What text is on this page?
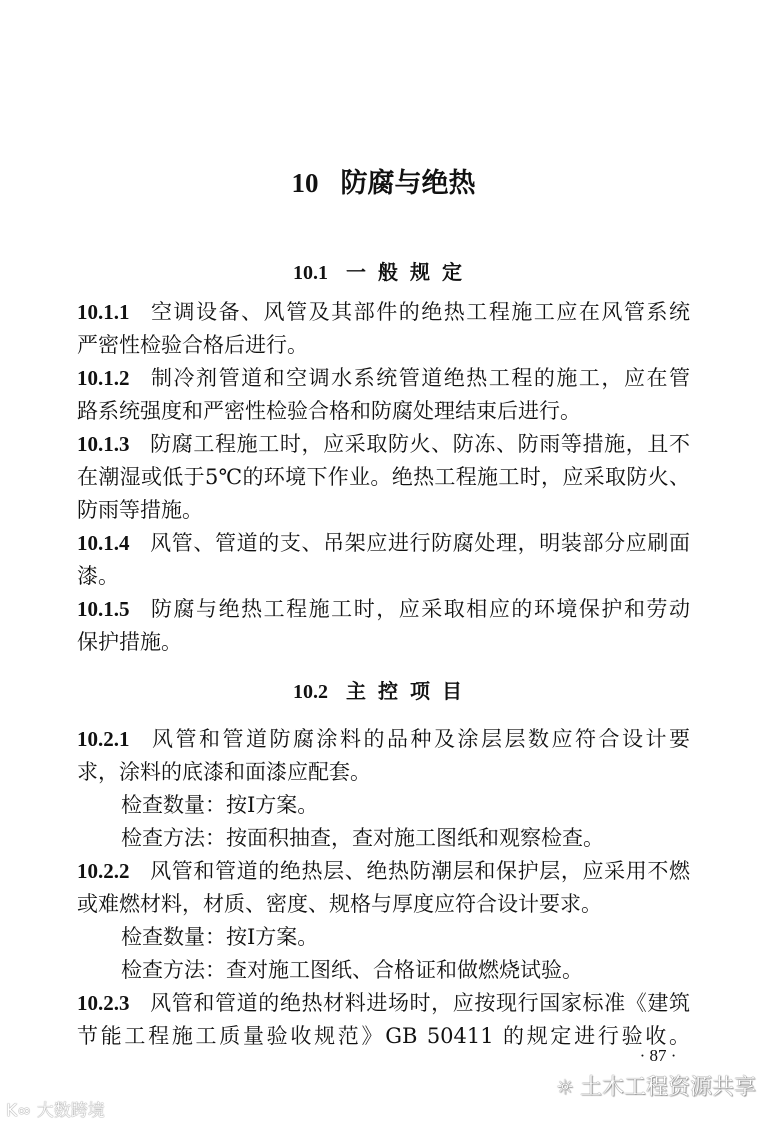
10 防腐与绝热
10.1 一般规定
10.1.1 空调设备、风管及其部件的绝热工程施工应在风管系统
严密性检验合格后进行。
10.1.2 制冷剂管道和空调水系统管道绝热工程的施工，应在管
路系统强度和严密性检验合格和防腐处理结束后进行。
10.1.3 防腐工程施工时，应采取防火、防冻、防雨等措施，且不
在潮湿或低于5℃的环境下作业。绝热工程施工时，应采取防火、
防雨等措施。
10.1.4 风管、管道的支、吊架应进行防腐处理，明装部分应刷面
漆。
10.1.5 防腐与绝热工程施工时，应采取相应的环境保护和劳动
保护措施。
10.2 主控项目
10.2.1 风管和管道防腐涂料的品种及涂层层数应符合设计要
求，涂料的底漆和面漆应配套。
检查数量：按Ⅰ方案。
检查方法：按面积抽查，查对施工图纸和观察检查。
10.2.2 风管和管道的绝热层、绝热防潮层和保护层，应采用不燃
或难燃材料，材质、密度、规格与厚度应符合设计要求。
检查数量：按Ⅰ方案。
检查方法：查对施工图纸、合格证和做燃烧试验。
10.2.3 风管和管道的绝热材料进场时，应按现行国家标准《建筑
节能工程施工质量验收规范》GB 50411 的规定进行验收。
· 87 ·
☼ 土木工程资源共享
K∞ 大数跨境
